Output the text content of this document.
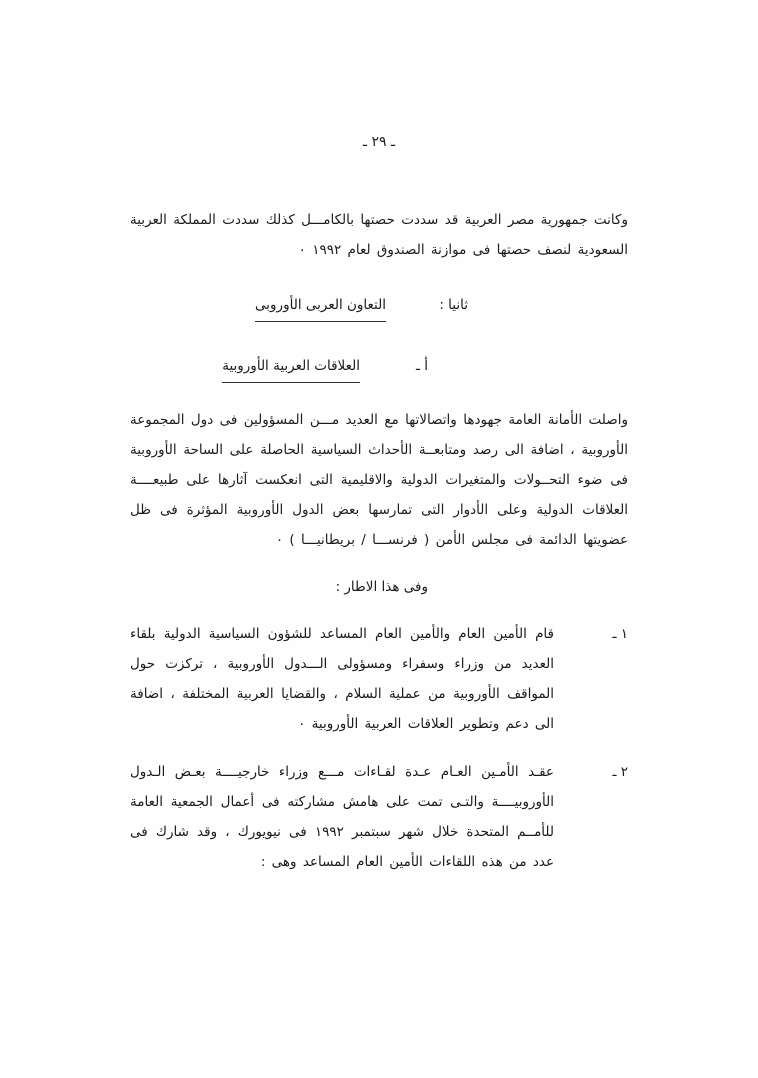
ـ ٢٩ ـ

وكانت جمهورية مصر العربية قد سددت حصتها بالكامـــل كذلك سددت المملكة العربية السعودية لنصف حصتها فى موازنة الصندوق لعام ١٩٩٢ ٠

ثانيا :
التعاون العربى الأوروبى
أ ـ
العلاقات العربية الأوروبية

واصلت الأمانة العامة جهودها واتصالاتها مع العديد مـــن المسؤولين فى دول المجموعة الأوروبية ، اضافة الى رصد ومتابعــة الأحداث السياسية الحاصلة على الساحة الأوروبية فى ضوء التحــولات والمتغيرات الدولية والاقليمية التى انعكست آثارها على طبيعــــة العلاقات الدولية وعلى الأدوار التى تمارسها بعض الدول الأوروبية المؤثرة فى ظل عضويتها الدائمة فى مجلس الأمن ( فرنســـا / بريطانيـــا ) ٠

وفى هذا الاطار :

١ ـ
قام الأمين العام والأمين العام المساعد للشؤون السياسية الدولية بلقاء العديد من وزراء وسفراء ومسؤولى الـــدول الأوروبية ، تركزت حول المواقف الأوروبية من عملية السلام ، والقضايا العربية المختلفة ، اضافة الى دعم وتطوير العلاقات العربية الأوروبية ٠
٢ ـ
عقـد الأمـين العـام عـدة لقـاءات مـــع وزراء خارجيــــة بعـض الـدول الأوروبيــــة والتـى تمت على هامش مشاركته فى أعمال الجمعية العامة للأمــم المتحدة خلال شهر سبتمبر ١٩٩٢ فى نيويورك ، وقد شارك فى عدد من هذه اللقاءات الأمين العام المساعد وهى :
